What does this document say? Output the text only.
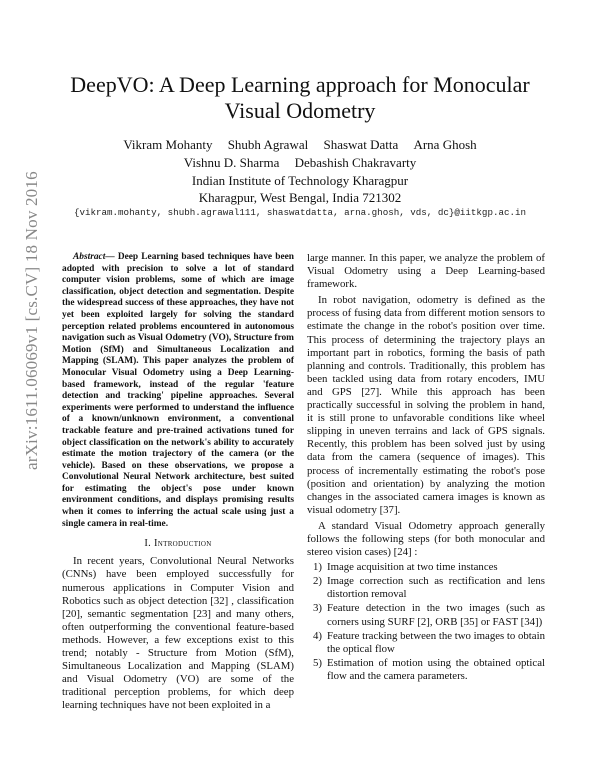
arXiv:1611.06069v1 [cs.CV] 18 Nov 2016
DeepVO: A Deep Learning approach for Monocular Visual Odometry
Vikram Mohanty Shubh Agrawal Shaswat Datta Arna Ghosh
Vishnu D. Sharma Debashish Chakravarty
Indian Institute of Technology Kharagpur
Kharagpur, West Bengal, India 721302
{vikram.mohanty, shubh.agrawal111, shaswatdatta, arna.ghosh, vds, dc}@iitkgp.ac.in

Abstract— Deep Learning based techniques have been adopted with precision to solve a lot of standard computer vision problems, some of which are image classification, object detection and segmentation. Despite the widespread success of these approaches, they have not yet been exploited largely for solving the standard perception related problems encountered in autonomous navigation such as Visual Odometry (VO), Structure from Motion (SfM) and Simultaneous Localization and Mapping (SLAM). This paper analyzes the problem of Monocular Visual Odometry using a Deep Learning-based framework, instead of the regular 'feature detection and tracking' pipeline approaches. Several experiments were performed to understand the influence of a known/unknown environment, a conventional trackable feature and pre-trained activations tuned for object classification on the network's ability to accurately estimate the motion trajectory of the camera (or the vehicle). Based on these observations, we propose a Convolutional Neural Network architecture, best suited for estimating the object's pose under known environment conditions, and displays promising results when it comes to inferring the actual scale using just a single camera in real-time.

I. Introduction

In recent years, Convolutional Neural Networks (CNNs) have been employed successfully for numerous applications in Computer Vision and Robotics such as object detection [32] , classification [20], semantic segmentation [23] and many others, often outperforming the conventional feature-based methods. However, a few exceptions exist to this trend; notably - Structure from Motion (SfM), Simultaneous Localization and Mapping (SLAM) and Visual Odometry (VO) are some of the traditional perception problems, for which deep learning techniques have not been exploited in a

large manner. In this paper, we analyze the problem of Visual Odometry using a Deep Learning-based framework.

In robot navigation, odometry is defined as the process of fusing data from different motion sensors to estimate the change in the robot's position over time. This process of determining the trajectory plays an important part in robotics, forming the basis of path planning and controls. Traditionally, this problem has been tackled using data from rotary encoders, IMU and GPS [27]. While this approach has been practically successful in solving the problem in hand, it is still prone to unfavorable conditions like wheel slipping in uneven terrains and lack of GPS signals. Recently, this problem has been solved just by using data from the camera (sequence of images). This process of incrementally estimating the robot's pose (position and orientation) by analyzing the motion changes in the associated camera images is known as visual odometry [37].

A standard Visual Odometry approach generally follows the following steps (for both monocular and stereo vision cases) [24] :

1) Image acquisition at two time instances
2) Image correction such as rectification and lens distortion removal
3) Feature detection in the two images (such as corners using SURF [2], ORB [35] or FAST [34])
4) Feature tracking between the two images to obtain the optical flow
5) Estimation of motion using the obtained optical flow and the camera parameters.
